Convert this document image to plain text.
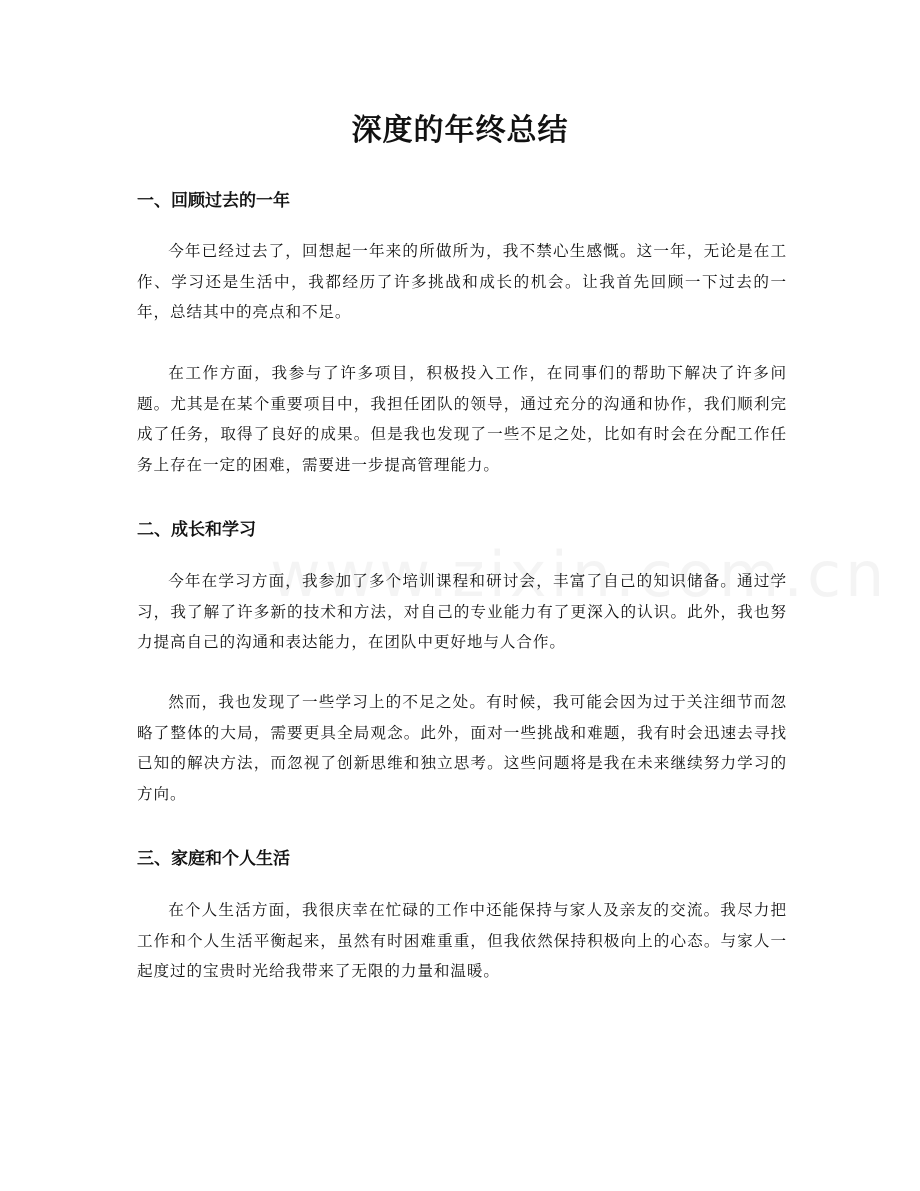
深度的年终总结
一、回顾过去的一年

今年已经过去了，回想起一年来的所做所为，我不禁心生感慨。这一年，无论是在工作、学习还是生活中，我都经历了许多挑战和成长的机会。让我首先回顾一下过去的一年，总结其中的亮点和不足。

在工作方面，我参与了许多项目，积极投入工作，在同事们的帮助下解决了许多问题。尤其是在某个重要项目中，我担任团队的领导，通过充分的沟通和协作，我们顺利完成了任务，取得了良好的成果。但是我也发现了一些不足之处，比如有时会在分配工作任务上存在一定的困难，需要进一步提高管理能力。

二、成长和学习

今年在学习方面，我参加了多个培训课程和研讨会，丰富了自己的知识储备。通过学习，我了解了许多新的技术和方法，对自己的专业能力有了更深入的认识。此外，我也努力提高自己的沟通和表达能力，在团队中更好地与人合作。

然而，我也发现了一些学习上的不足之处。有时候，我可能会因为过于关注细节而忽略了整体的大局，需要更具全局观念。此外，面对一些挑战和难题，我有时会迅速去寻找已知的解决方法，而忽视了创新思维和独立思考。这些问题将是我在未来继续努力学习的方向。

三、家庭和个人生活

在个人生活方面，我很庆幸在忙碌的工作中还能保持与家人及亲友的交流。我尽力把工作和个人生活平衡起来，虽然有时困难重重，但我依然保持积极向上的心态。与家人一起度过的宝贵时光给我带来了无限的力量和温暖。
